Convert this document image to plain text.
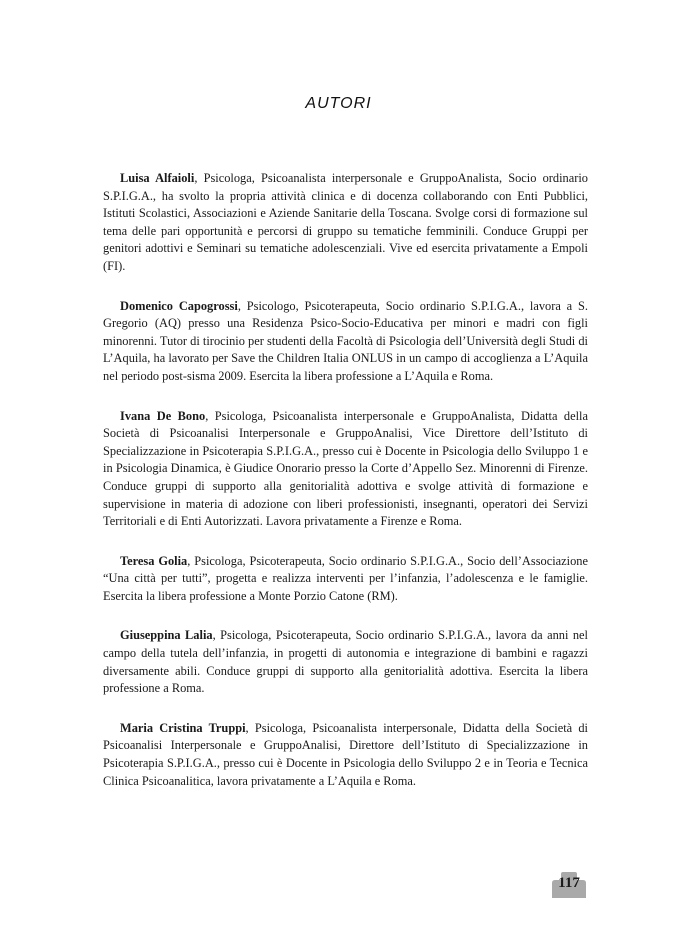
AUTORI

Luisa Alfaioli, Psicologa, Psicoanalista interpersonale e GruppoAnalista, Socio ordinario S.P.I.G.A., ha svolto la propria attività clinica e di docenza collaborando con Enti Pubblici, Istituti Scolastici, Associazioni e Aziende Sanitarie della Toscana. Svolge corsi di formazione sul tema delle pari opportunità e percorsi di gruppo su tematiche femminili. Conduce Gruppi per genitori adottivi e Seminari su tematiche adolescenziali. Vive ed esercita privatamente a Empoli (FI).

Domenico Capogrossi, Psicologo, Psicoterapeuta, Socio ordinario S.P.I.G.A., lavora a S. Gregorio (AQ) presso una Residenza Psico-Socio-Educativa per minori e madri con figli minorenni. Tutor di tirocinio per studenti della Facoltà di Psicologia dell’Università degli Studi di L’Aquila, ha lavorato per Save the Children Italia ONLUS in un campo di accoglienza a L’Aquila nel periodo post-sisma 2009. Esercita la libera professione a L’Aquila e Roma.

Ivana De Bono, Psicologa, Psicoanalista interpersonale e GruppoAnalista, Didatta della Società di Psicoanalisi Interpersonale e GruppoAnalisi, Vice Direttore dell’Istituto di Specializzazione in Psicoterapia S.P.I.G.A., presso cui è Docente in Psicologia dello Sviluppo 1 e in Psicologia Dinamica, è Giudice Onorario presso la Corte d’Appello Sez. Minorenni di Firenze. Conduce gruppi di supporto alla genitorialità adottiva e svolge attività di formazione e supervisione in materia di adozione con liberi professionisti, insegnanti, operatori dei Servizi Territoriali e di Enti Autorizzati. Lavora privatamente a Firenze e Roma.

Teresa Golia, Psicologa, Psicoterapeuta, Socio ordinario S.P.I.G.A., Socio dell’Associazione “Una città per tutti”, progetta e realizza interventi per l’infanzia, l’adolescenza e le famiglie. Esercita la libera professione a Monte Porzio Catone (RM).

Giuseppina Lalia, Psicologa, Psicoterapeuta, Socio ordinario S.P.I.G.A., lavora da anni nel campo della tutela dell’infanzia, in progetti di autonomia e integrazione di bambini e ragazzi diversamente abili. Conduce gruppi di supporto alla genitorialità adottiva. Esercita la libera professione a Roma.

Maria Cristina Truppi, Psicologa, Psicoanalista interpersonale, Didatta della Società di Psicoanalisi Interpersonale e GruppoAnalisi, Direttore dell’Istituto di Specializzazione in Psicoterapia S.P.I.G.A., presso cui è Docente in Psicologia dello Sviluppo 2 e in Teoria e Tecnica Clinica Psicoanalitica, lavora privatamente a L’Aquila e Roma.

117
